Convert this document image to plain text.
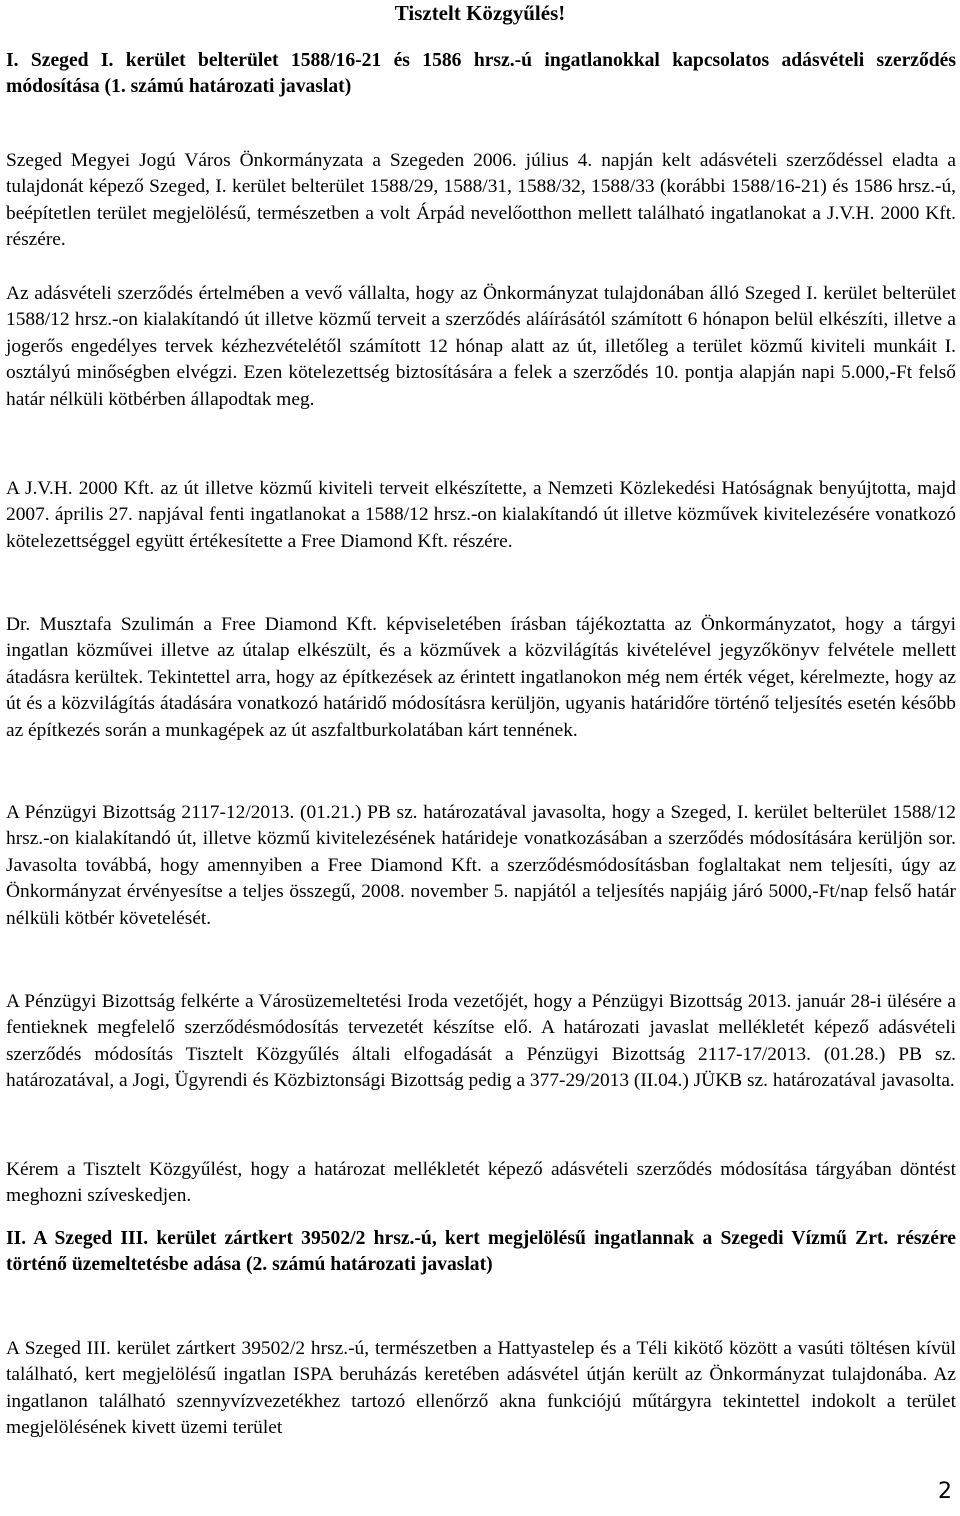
Tisztelt Közgyűlés!
I. Szeged I. kerület belterület 1588/16-21 és 1586 hrsz.-ú ingatlanokkal kapcsolatos adásvételi szerződés módosítása (1. számú határozati javaslat)
Szeged Megyei Jogú Város Önkormányzata a Szegeden 2006. július 4. napján kelt adásvételi szerződéssel eladta a tulajdonát képező Szeged, I. kerület belterület 1588/29, 1588/31, 1588/32, 1588/33 (korábbi 1588/16-21) és 1586 hrsz.-ú, beépítetlen terület megjelölésű, természetben a volt Árpád nevelőotthon mellett található ingatlanokat a J.V.H. 2000 Kft. részére.
Az adásvételi szerződés értelmében a vevő vállalta, hogy az Önkormányzat tulajdonában álló Szeged I. kerület belterület 1588/12 hrsz.-on kialakítandó út illetve közmű terveit a szerződés aláírásától számított 6 hónapon belül elkészíti, illetve a jogerős engedélyes tervek kézhezvételétől számított 12 hónap alatt az út, illetőleg a terület közmű kiviteli munkáit I. osztályú minőségben elvégzi. Ezen kötelezettség biztosítására a felek a szerződés 10. pontja alapján napi 5.000,-Ft felső határ nélküli kötbérben állapodtak meg.
A J.V.H. 2000 Kft. az út illetve közmű kiviteli terveit elkészítette, a Nemzeti Közlekedési Hatóságnak benyújtotta, majd 2007. április 27. napjával fenti ingatlanokat a 1588/12 hrsz.-on kialakítandó út illetve közművek kivitelezésére vonatkozó kötelezettséggel együtt értékesítette a Free Diamond Kft. részére.
Dr. Musztafa Szulimán a Free Diamond Kft. képviseletében írásban tájékoztatta az Önkormányzatot, hogy a tárgyi ingatlan közművei illetve az útalap elkészült, és a közművek a közvilágítás kivételével jegyzőkönyv felvétele mellett átadásra kerültek. Tekintettel arra, hogy az építkezések az érintett ingatlanokon még nem érték véget, kérelmezte, hogy az út és a közvilágítás átadására vonatkozó határidő módosításra kerüljön, ugyanis határidőre történő teljesítés esetén később az építkezés során a munkagépek az út aszfaltburkolatában kárt tennének.
A Pénzügyi Bizottság 2117-12/2013. (01.21.) PB sz. határozatával javasolta, hogy a Szeged, I. kerület belterület 1588/12 hrsz.-on kialakítandó út, illetve közmű kivitelezésének határideje vonatkozásában a szerződés módosítására kerüljön sor. Javasolta továbbá, hogy amennyiben a Free Diamond Kft. a szerződésmódosításban foglaltakat nem teljesíti, úgy az Önkormányzat érvényesítse a teljes összegű, 2008. november 5. napjától a teljesítés napjáig járó 5000,-Ft/nap felső határ nélküli kötbér követelését.
A Pénzügyi Bizottság felkérte a Városüzemeltetési Iroda vezetőjét, hogy a Pénzügyi Bizottság 2013. január 28-i ülésére a fentieknek megfelelő szerződésmódosítás tervezetét készítse elő. A határozati javaslat mellékletét képező adásvételi szerződés módosítás Tisztelt Közgyűlés általi elfogadását a Pénzügyi Bizottság 2117-17/2013. (01.28.) PB sz. határozatával, a Jogi, Ügyrendi és Közbiztonsági Bizottság pedig a 377-29/2013 (II.04.) JÜKB sz. határozatával javasolta.
Kérem a Tisztelt Közgyűlést, hogy a határozat mellékletét képező adásvételi szerződés módosítása tárgyában döntést meghozni szíveskedjen.
II. A Szeged III. kerület zártkert 39502/2 hrsz.-ú, kert megjelölésű ingatlannak a Szegedi Vízmű Zrt. részére történő üzemeltetésbe adása (2. számú határozati javaslat)
A Szeged III. kerület zártkert 39502/2 hrsz.-ú, természetben a Hattyastelep és a Téli kikötő között a vasúti töltésen kívül található, kert megjelölésű ingatlan ISPA beruházás keretében adásvétel útján került az Önkormányzat tulajdonába. Az ingatlanon található szennyvízvezetékhez tartozó ellenőrző akna funkciójú műtárgyra tekintettel indokolt a terület megjelölésének kivett üzemi terület
2
